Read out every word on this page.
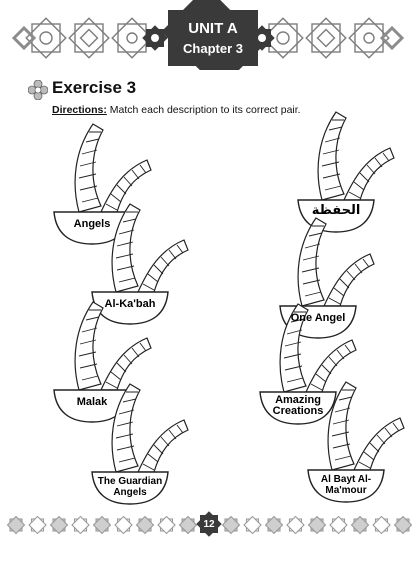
UNIT A
Chapter 3
Exercise 3
Directions: Match each description to its correct pair.
Angels
Al-Ka'bah
Malak
The Guardian Angels
الحفظة
One Angel
Amazing Creations
Al Bayt Al-Ma'mour
12
